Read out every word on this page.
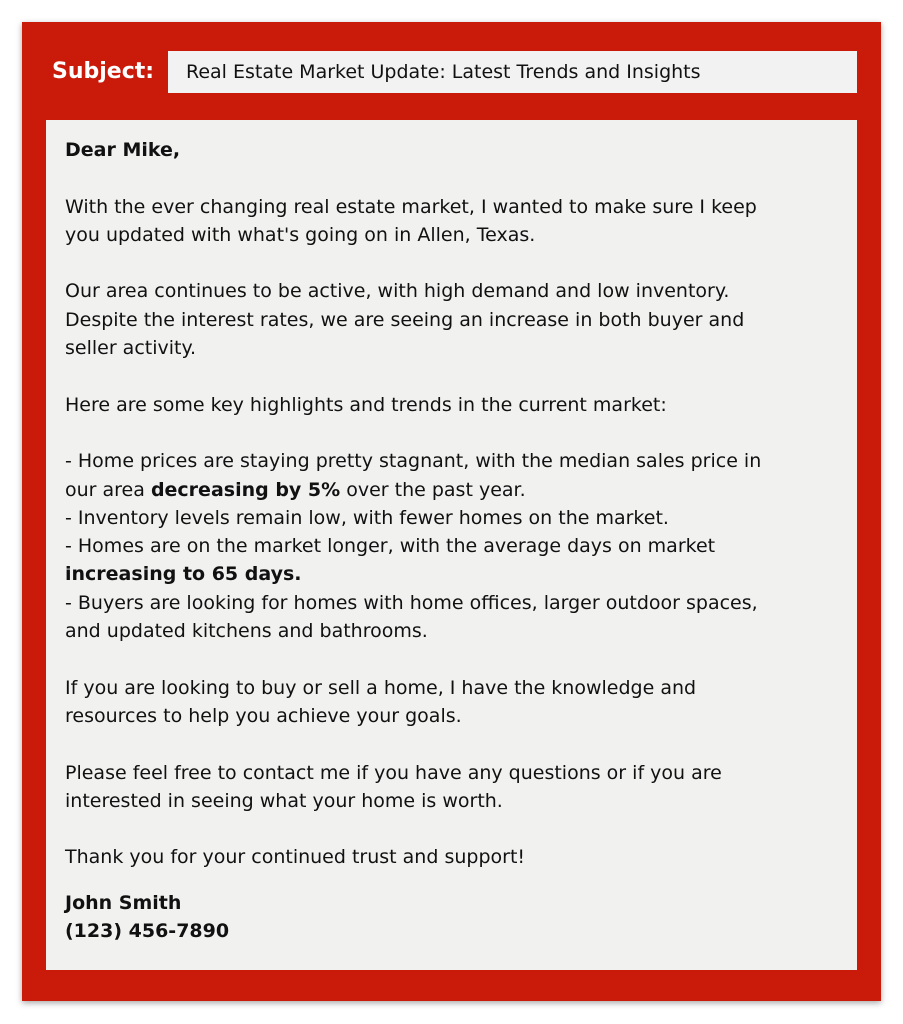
Subject:	Real Estate Market Update: Latest Trends and Insights

Dear Mike,

With the ever changing real estate market, I wanted to make sure I keep
you updated with what's going on in Allen, Texas.

Our area continues to be active, with high demand and low inventory.
Despite the interest rates, we are seeing an increase in both buyer and
seller activity.

Here are some key highlights and trends in the current market:

- Home prices are staying pretty stagnant, with the median sales price in
our area decreasing by 5% over the past year.
- Inventory levels remain low, with fewer homes on the market.
- Homes are on the market longer, with the average days on market
increasing to 65 days.
- Buyers are looking for homes with home offices, larger outdoor spaces,
and updated kitchens and bathrooms.

If you are looking to buy or sell a home, I have the knowledge and
resources to help you achieve your goals.

Please feel free to contact me if you have any questions or if you are
interested in seeing what your home is worth.

Thank you for your continued trust and support!

John Smith
(123) 456-7890
